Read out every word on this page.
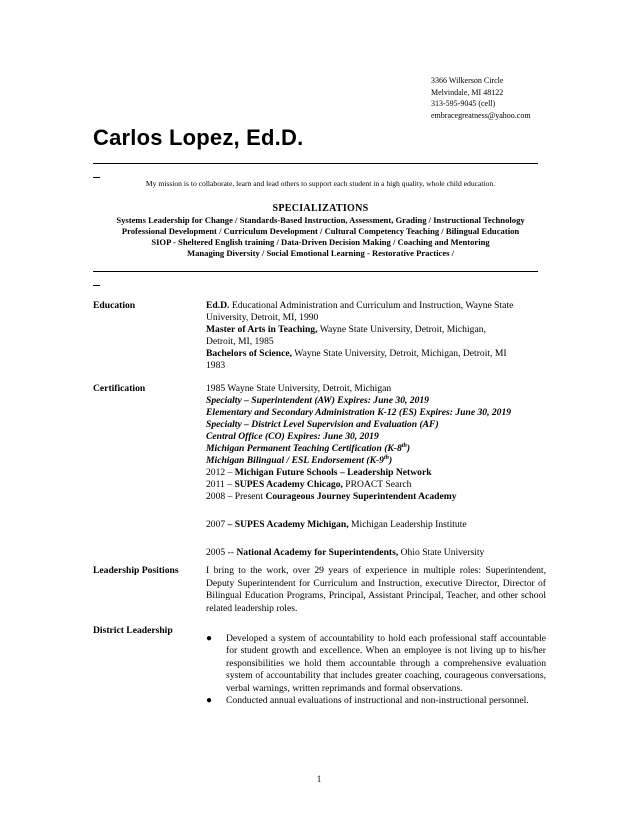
3366 Wilkerson Circle
Melvindale, MI 48122
313-595-9045 (cell)
embracegreatness@yahoo.com
Carlos Lopez, Ed.D.
My mission is to collaborate, learn and lead others to support each student in a high quality, whole child education.
SPECIALIZATIONS
Systems Leadership for Change / Standards-Based Instruction, Assessment, Grading / Instructional Technology
Professional Development / Curriculum Development / Cultural Competency Teaching / Bilingual Education
SIOP - Sheltered English training / Data-Driven Decision Making / Coaching and Mentoring
Managing Diversity / Social Emotional Learning - Restorative Practices /
Education	Ed.D. Educational Administration and Curriculum and Instruction, Wayne State
University, Detroit, MI, 1990
Master of Arts in Teaching, Wayne State University, Detroit, Michigan,
Detroit, MI, 1985
Bachelors of Science, Wayne State University, Detroit, Michigan, Detroit, MI
1983
Certification	1985 Wayne State University, Detroit, Michigan
Specialty – Superintendent (AW) Expires: June 30, 2019
Elementary and Secondary Administration K-12 (ES) Expires: June 30, 2019
Specialty – District Level Supervision and Evaluation (AF)
Central Office (CO) Expires: June 30, 2019
Michigan Permanent Teaching Certification (K-8th)
Michigan Bilingual / ESL Endorsement (K-9th)
2012 – Michigan Future Schools – Leadership Network
2011 – SUPES Academy Chicago, PROACT Search
2008 – Present Courageous Journey Superintendent Academy
2007 – SUPES Academy Michigan, Michigan Leadership Institute
2005 -- National Academy for Superintendents, Ohio State University
Leadership Positions	I bring to the work, over 29 years of experience in multiple roles: Superintendent, Deputy Superintendent for Curriculum and Instruction, executive Director, Director of Bilingual Education Programs, Principal, Assistant Principal, Teacher, and other school related leadership roles.
District Leadership
● Developed a system of accountability to hold each professional staff accountable for student growth and excellence. When an employee is not living up to his/her responsibilities we hold them accountable through a comprehensive evaluation system of accountability that includes greater coaching, courageous conversations, verbal warnings, written reprimands and formal observations.
● Conducted annual evaluations of instructional and non-instructional personnel.
1
